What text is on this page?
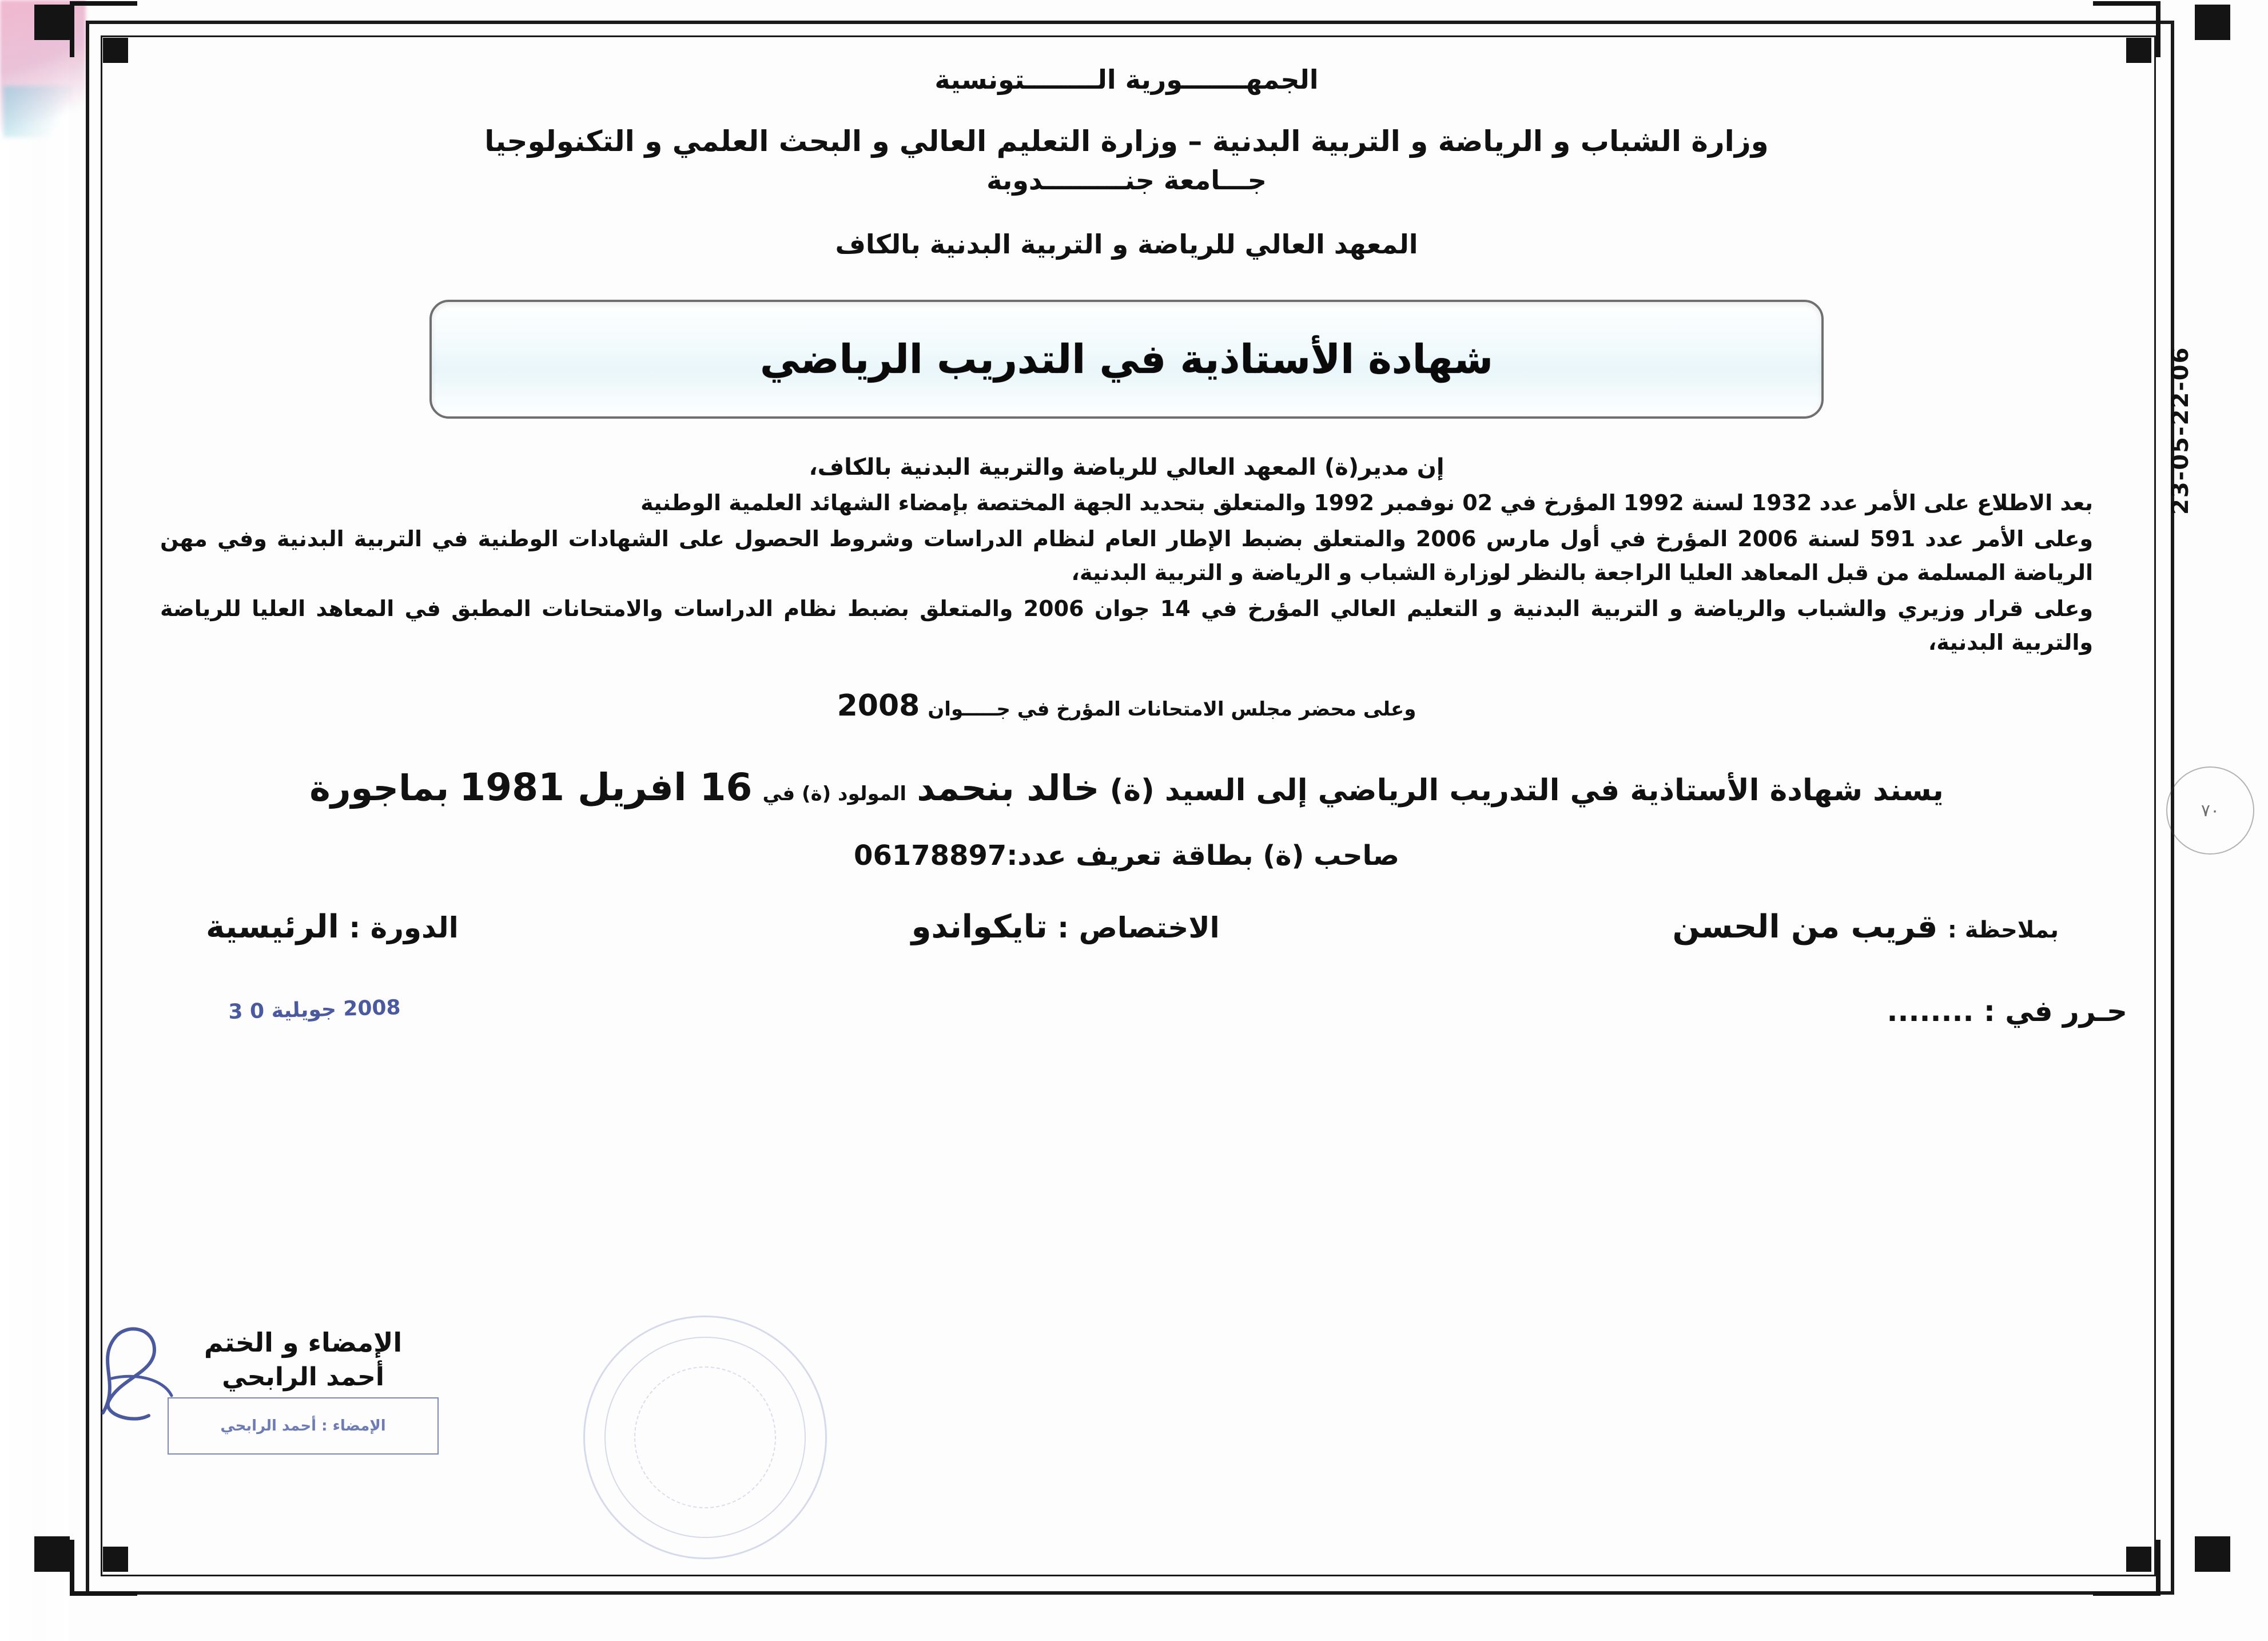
الجمهـــــــورية الــــــــتونسية
وزارة الشباب و الرياضة و التربية البدنية – وزارة التعليم العالي و البحث العلمي و التكنولوجيا
جـــامعة جنـــــــــدوبة
المعهد العالي للرياضة و التربية البدنية بالكاف
شهادة الأستاذية في التدريب الرياضي
إن مدير(ة) المعهد العالي للرياضة والتربية البدنية بالكاف،
بعد الاطلاع على الأمر عدد 1932 لسنة 1992 المؤرخ في 02 نوفمبر 1992 والمتعلق بتحديد الجهة المختصة بإمضاء الشهائد العلمية الوطنية
وعلى الأمر عدد 591 لسنة 2006 المؤرخ في أول مارس 2006 والمتعلق بضبط الإطار العام لنظام الدراسات وشروط الحصول على الشهادات الوطنية في التربية البدنية وفي مهن الرياضة المسلمة من قبل المعاهد العليا الراجعة بالنظر لوزارة الشباب و الرياضة و التربية البدنية،
وعلى قرار وزيري والشباب والرياضة و التربية البدنية و التعليم العالي المؤرخ في 14 جوان 2006 والمتعلق بضبط نظام الدراسات والامتحانات المطبق في المعاهد العليا للرياضة والتربية البدنية،
وعلى محضر مجلس الامتحانات المؤرخ في جـــــوان 2008
يسند شهادة الأستاذية في التدريب الرياضي إلى السيد (ة) خالد بنحمد المولود (ة) في 16 افريل 1981 بماجورة
صاحب (ة) بطاقة تعريف عدد:06178897
بملاحظة : قريب من الحسن
الاختصاص : تايكواندو
الدورة : الرئيسية
حـرر في : ........
2008 جويلية 0 3
الإمضاء و الختم
أحمد الرابحي
الإمضاء : أحمد الرابحي
23-05-22-06
٧٠
